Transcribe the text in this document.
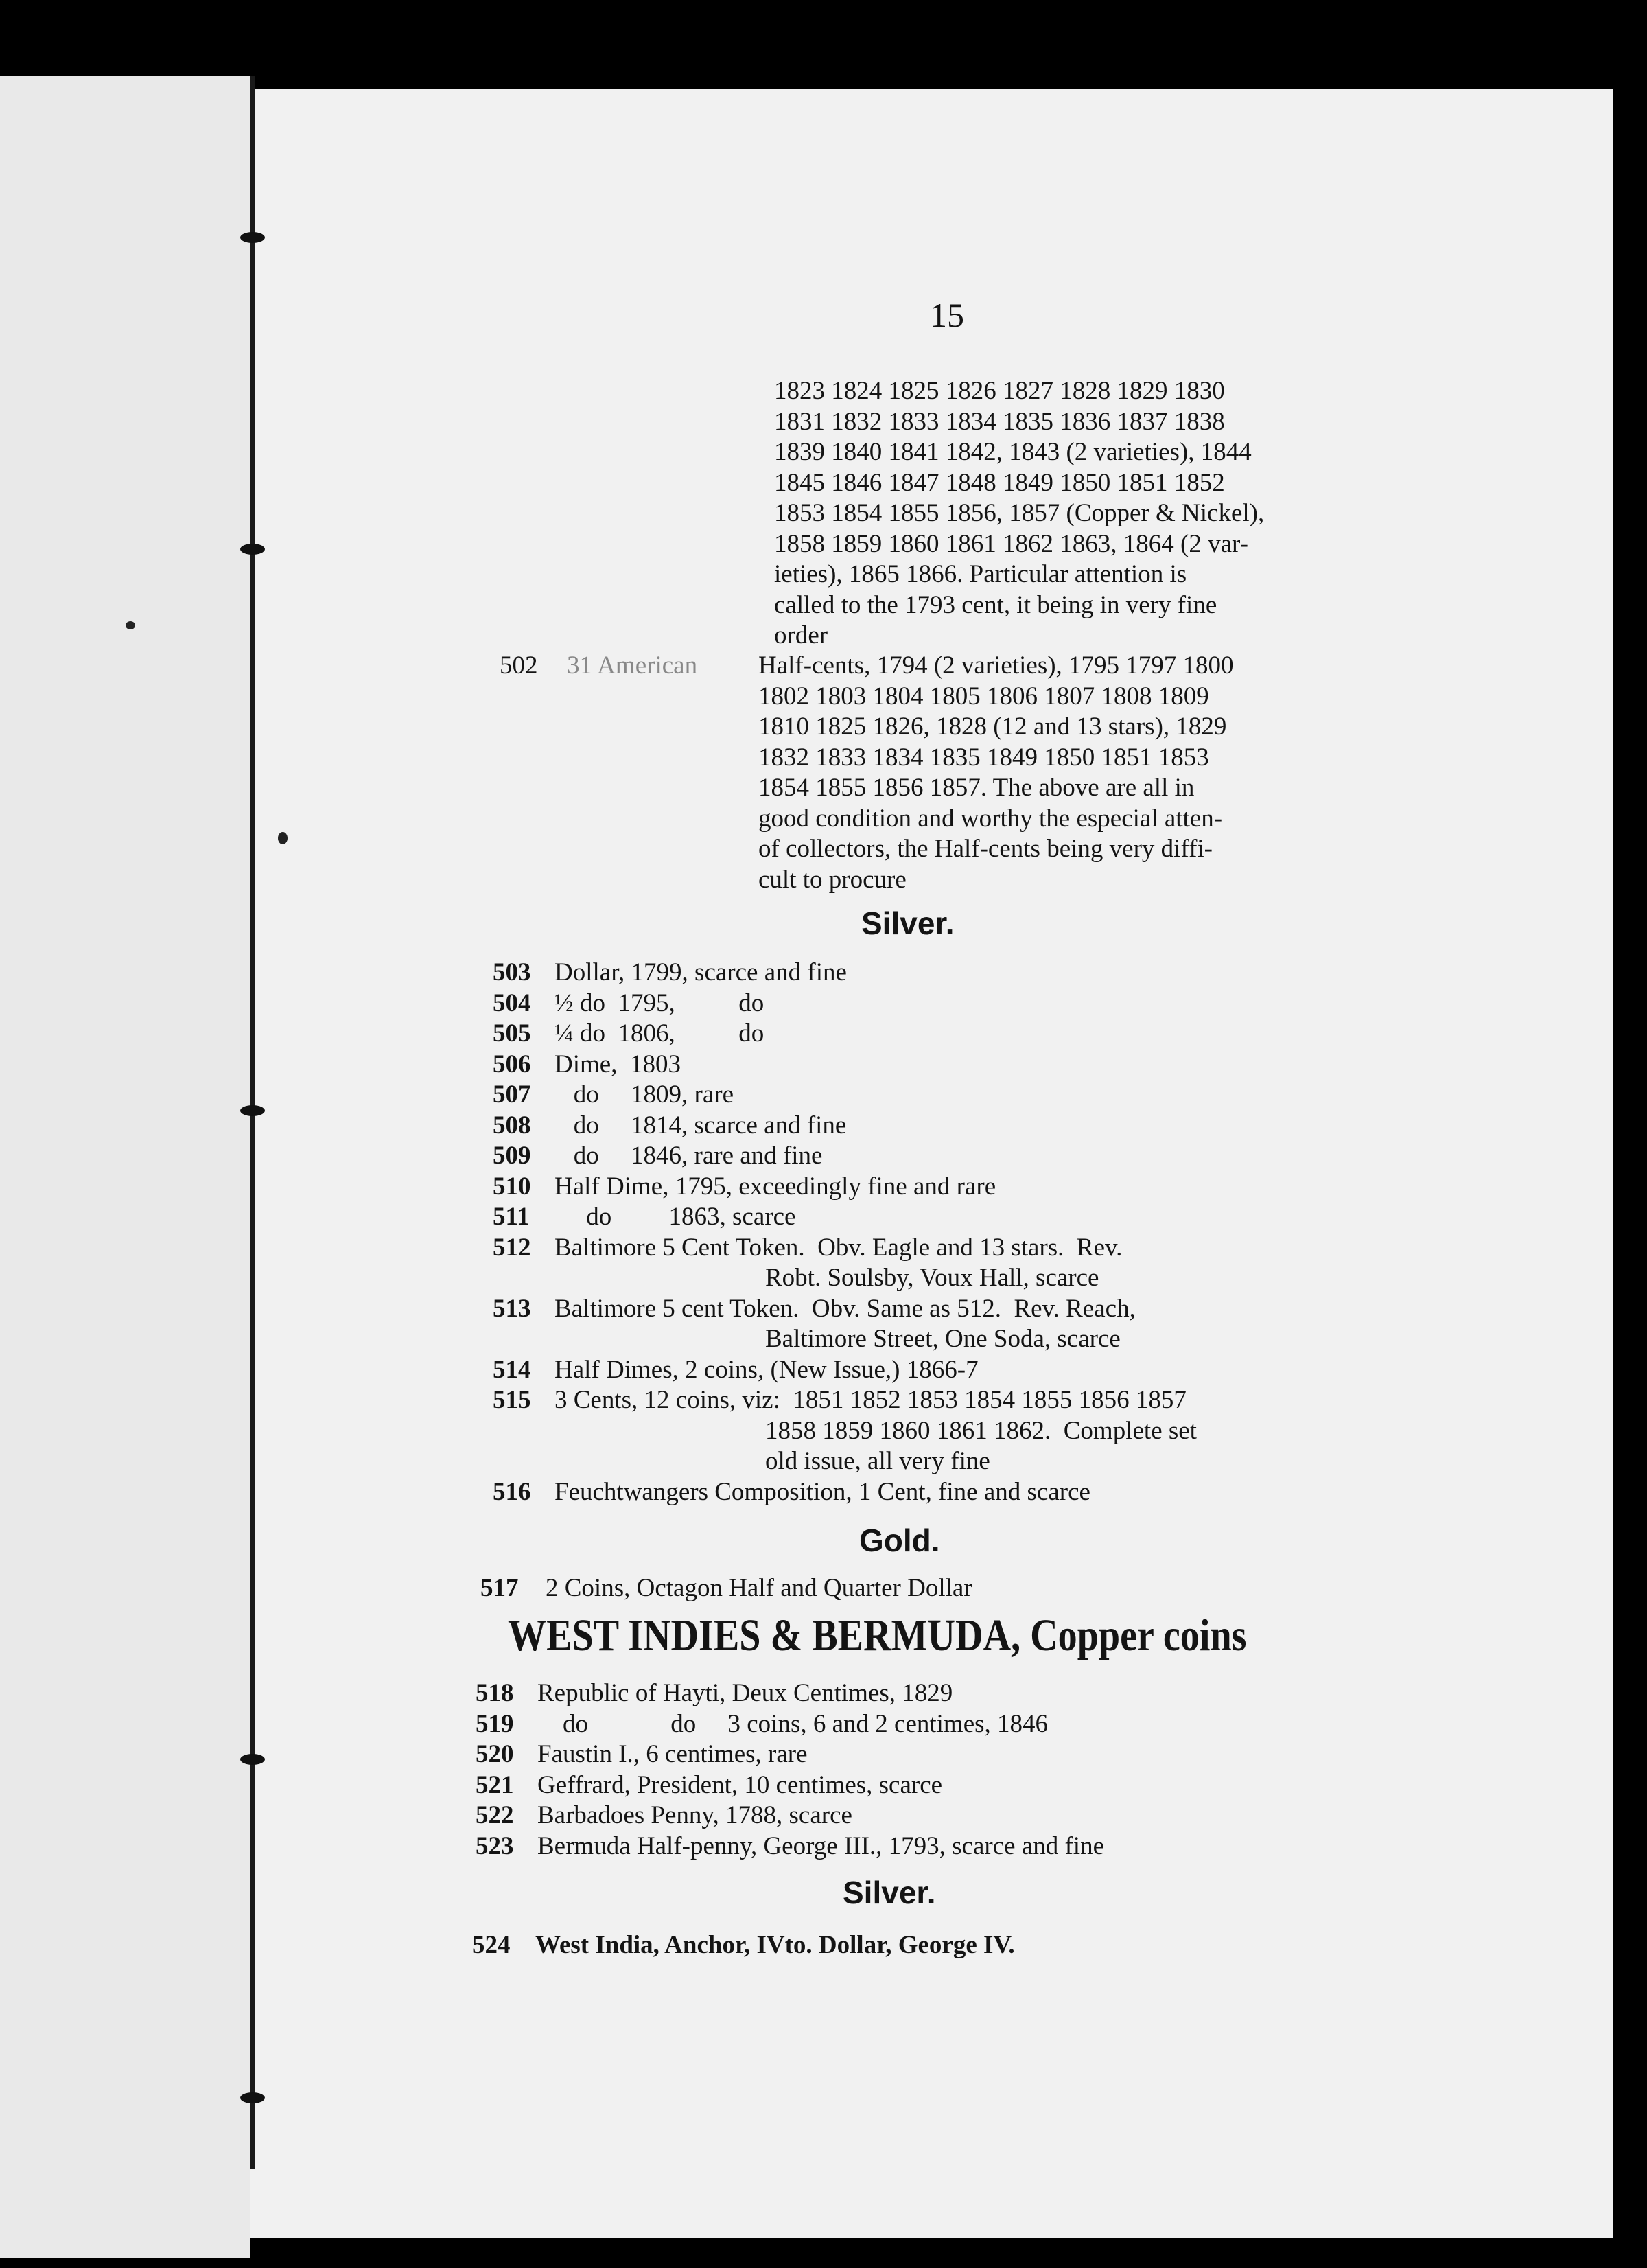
15
1823 1824 1825 1826 1827 1828 1829 1830
1831 1832 1833 1834 1835 1836 1837 1838
1839 1840 1841 1842, 1843 (2 varieties), 1844
1845 1846 1847 1848 1849 1850 1851 1852
1853 1854 1855 1856, 1857 (Copper & Nickel),
1858 1859 1860 1861 1862 1863, 1864 (2 var-
ieties), 1865 1866. Particular attention is
called to the 1793 cent, it being in very fine
order
502 31 American Half-cents, 1794 (2 varieties), 1795 1797 1800
1802 1803 1804 1805 1806 1807 1808 1809
1810 1825 1826, 1828 (12 and 13 stars), 1829
1832 1833 1834 1835 1849 1850 1851 1853
1854 1855 1856 1857. The above are all in
good condition and worthy the especial atten-
of collectors, the Half-cents being very diffi-
cult to procure
Silver.
503 Dollar, 1799, scarce and fine
504 ½ do  1795,          do
505 ¼ do  1806,          do
506 Dime,  1803
507 do     1809, rare
508 do     1814, scarce and fine
509 do     1846, rare and fine
510 Half Dime, 1795, exceedingly fine and rare
511 do         1863, scarce
512 Baltimore 5 Cent Token.  Obv. Eagle and 13 stars.  Rev.
Robt. Soulsby, Voux Hall, scarce
513 Baltimore 5 cent Token.  Obv. Same as 512.  Rev. Reach,
Baltimore Street, One Soda, scarce
514 Half Dimes, 2 coins, (New Issue,) 1866-7
515 3 Cents, 12 coins, viz:  1851 1852 1853 1854 1855 1856 1857
1858 1859 1860 1861 1862.  Complete set
old issue, all very fine
516 Feuchtwangers Composition, 1 Cent, fine and scarce
Gold.
517 2 Coins, Octagon Half and Quarter Dollar
WEST INDIES & BERMUDA, Copper coins
518 Republic of Hayti, Deux Centimes, 1829
519 do             do     3 coins, 6 and 2 centimes, 1846
520 Faustin I., 6 centimes, rare
521 Geffrard, President, 10 centimes, scarce
522 Barbadoes Penny, 1788, scarce
523 Bermuda Half-penny, George III., 1793, scarce and fine
Silver.
524 West India, Anchor, IVto. Dollar, George IV.
